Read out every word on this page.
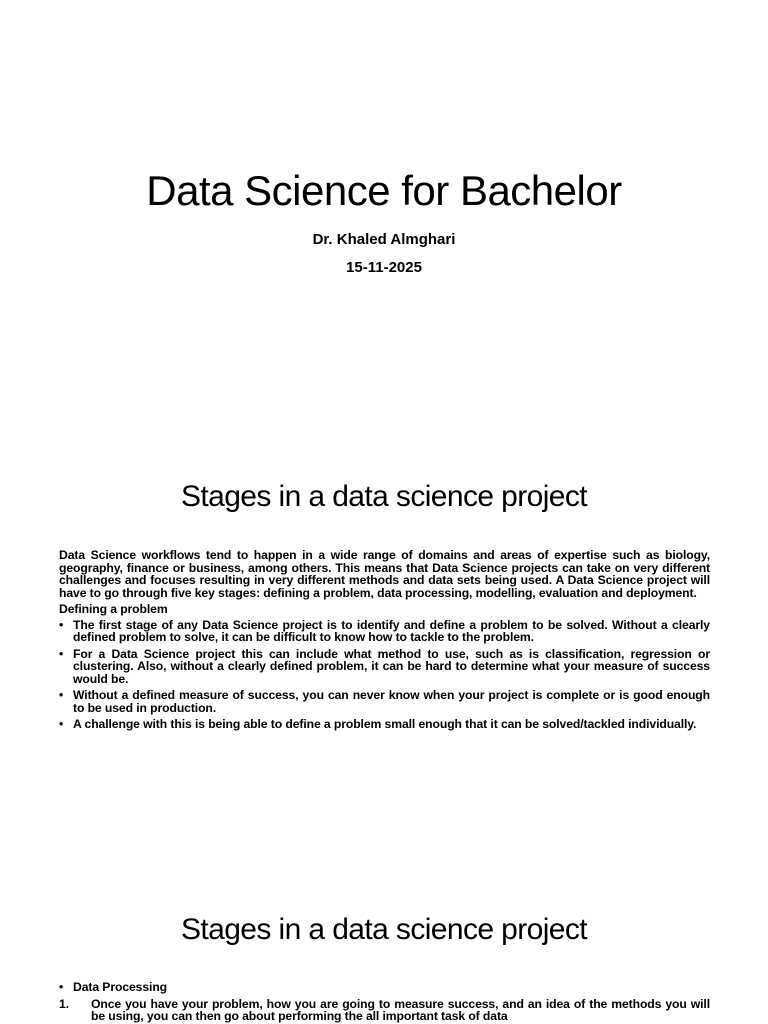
Data Science for Bachelor

Dr. Khaled Almghari

15-11-2025

Stages in a data science project

Data Science workflows tend to happen in a wide range of domains and areas of expertise such as biology, geography, finance or business, among others. This means that Data Science projects can take on very different challenges and focuses resulting in very different methods and data sets being used. A Data Science project will have to go through five key stages: defining a problem, data processing, modelling, evaluation and deployment.

Defining a problem

• The first stage of any Data Science project is to identify and define a problem to be solved. Without a clearly defined problem to solve, it can be difficult to know how to tackle to the problem.
• For a Data Science project this can include what method to use, such as is classification, regression or clustering. Also, without a clearly defined problem, it can be hard to determine what your measure of success would be.
• Without a defined measure of success, you can never know when your project is complete or is good enough to be used in production.
• A challenge with this is being able to define a problem small enough that it can be solved/tackled individually.
Stages in a data science project
• Data Processing
1. Once you have your problem, how you are going to measure success, and an idea of the methods you will be using, you can then go about performing the all important task of data
